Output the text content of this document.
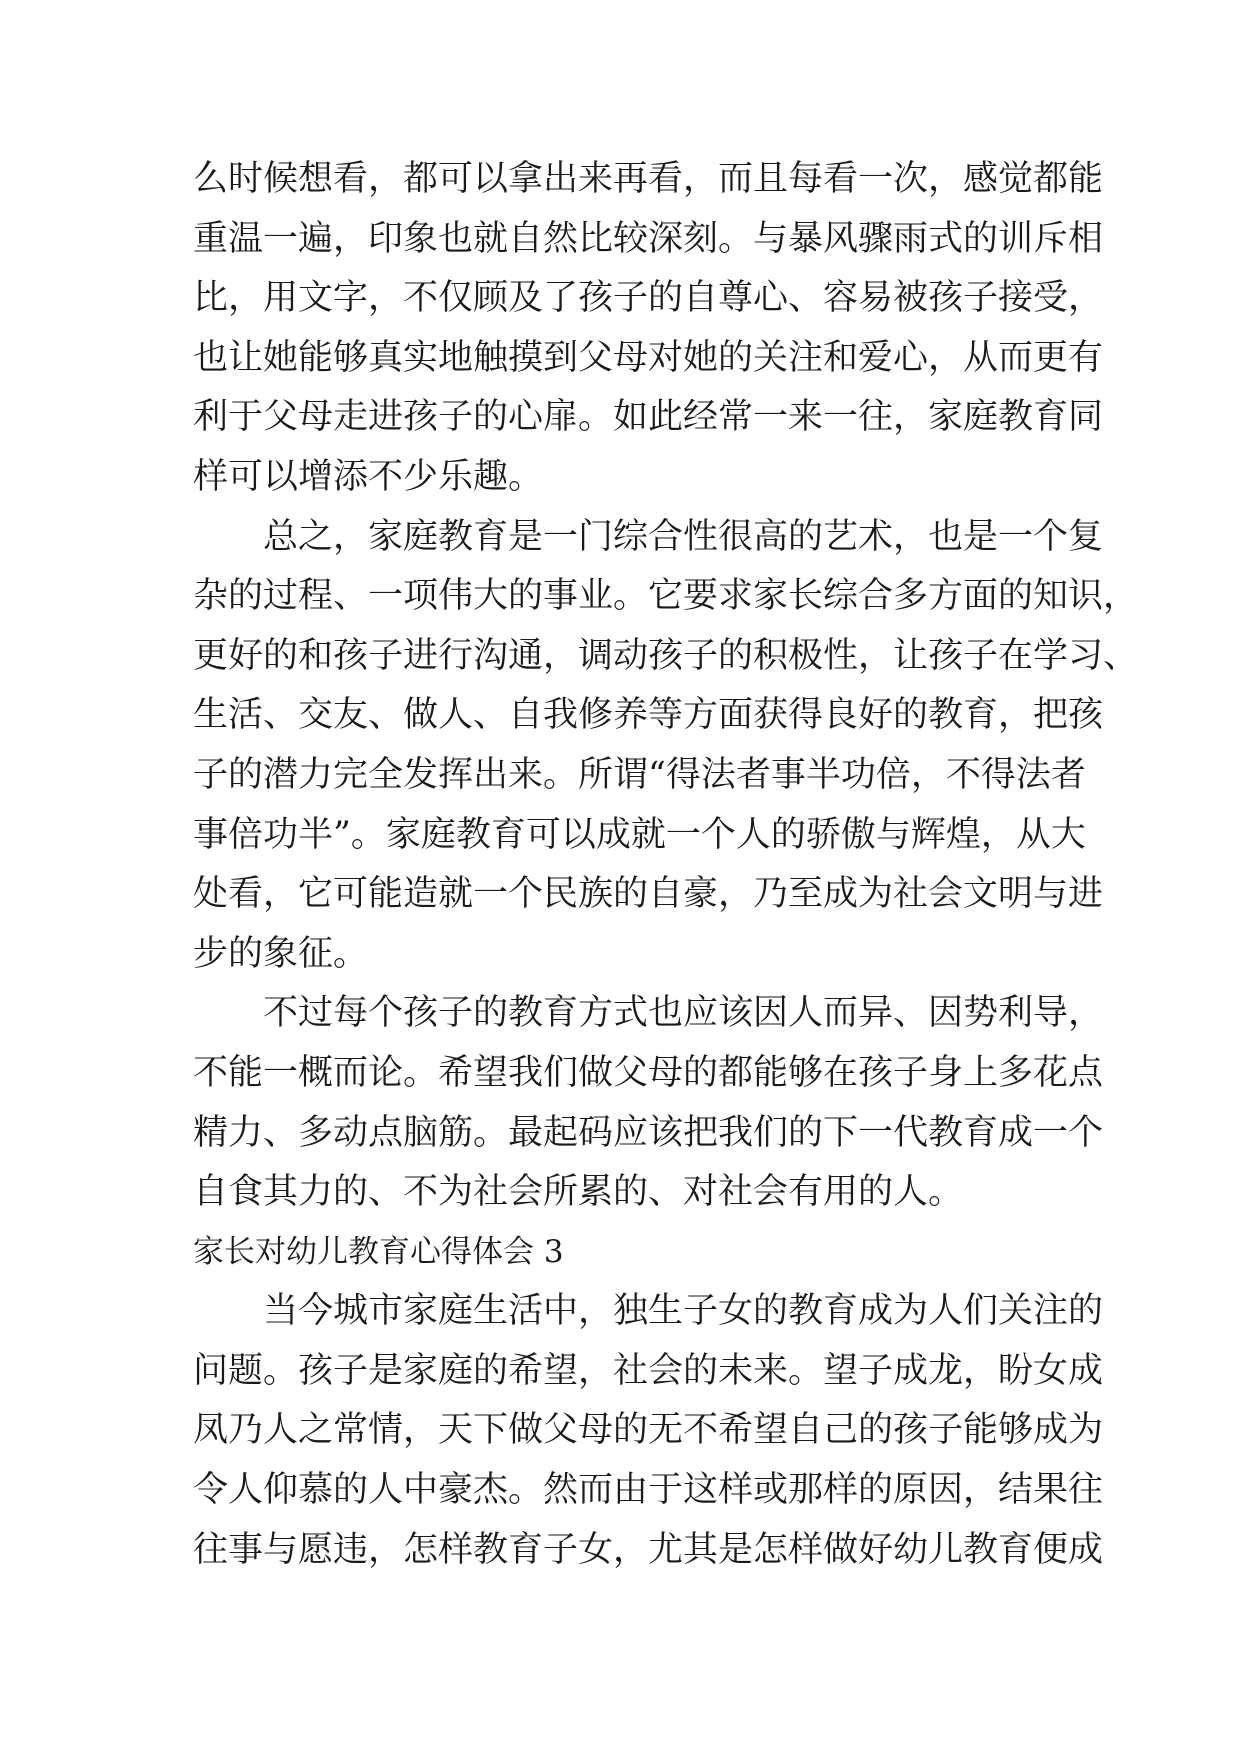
么时候想看，都可以拿出来再看，而且每看一次，感觉都能
重温一遍，印象也就自然比较深刻。与暴风骤雨式的训斥相
比，用文字，不仅顾及了孩子的自尊心、容易被孩子接受，
也让她能够真实地触摸到父母对她的关注和爱心，从而更有
利于父母走进孩子的心扉。如此经常一来一往，家庭教育同
样可以增添不少乐趣。
总之，家庭教育是一门综合性很高的艺术，也是一个复
杂的过程、一项伟大的事业。它要求家长综合多方面的知识，
更好的和孩子进行沟通，调动孩子的积极性，让孩子在学习、
生活、交友、做人、自我修养等方面获得良好的教育，把孩
子的潜力完全发挥出来。所谓“得法者事半功倍，不得法者
事倍功半”。家庭教育可以成就一个人的骄傲与辉煌，从大
处看，它可能造就一个民族的自豪，乃至成为社会文明与进
步的象征。
不过每个孩子的教育方式也应该因人而异、因势利导，
不能一概而论。希望我们做父母的都能够在孩子身上多花点
精力、多动点脑筋。最起码应该把我们的下一代教育成一个
自食其力的、不为社会所累的、对社会有用的人。
家长对幼儿教育心得体会 3
当今城市家庭生活中，独生子女的教育成为人们关注的
问题。孩子是家庭的希望，社会的未来。望子成龙，盼女成
凤乃人之常情，天下做父母的无不希望自己的孩子能够成为
令人仰慕的人中豪杰。然而由于这样或那样的原因，结果往
往事与愿违，怎样教育子女，尤其是怎样做好幼儿教育便成
